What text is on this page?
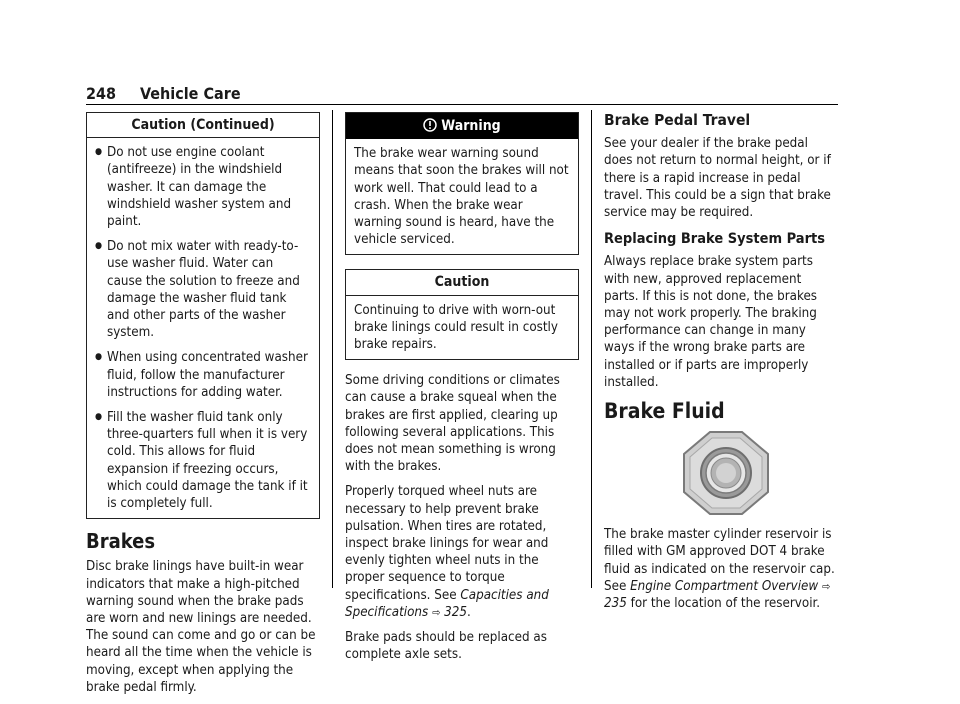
248 Vehicle Care
Caution (Continued)
● Do not use engine coolant (antifreeze) in the windshield washer. It can damage the windshield washer system and paint.
● Do not mix water with ready-to-use washer fluid. Water can cause the solution to freeze and damage the washer fluid tank and other parts of the washer system.
● When using concentrated washer fluid, follow the manufacturer instructions for adding water.
● Fill the washer fluid tank only three-quarters full when it is very cold. This allows for fluid expansion if freezing occurs, which could damage the tank if it is completely full.
Brakes

Disc brake linings have built-in wear indicators that make a high-pitched warning sound when the brake pads are worn and new linings are needed. The sound can come and go or can be heard all the time when the vehicle is moving, except when applying the brake pedal firmly.

Warning

The brake wear warning sound means that soon the brakes will not work well. That could lead to a crash. When the brake wear warning sound is heard, have the vehicle serviced.

Caution

Continuing to drive with worn-out brake linings could result in costly brake repairs.

Some driving conditions or climates can cause a brake squeal when the brakes are first applied, clearing up following several applications. This does not mean something is wrong with the brakes.

Properly torqued wheel nuts are necessary to help prevent brake pulsation. When tires are rotated, inspect brake linings for wear and evenly tighten wheel nuts in the proper sequence to torque specifications. See Capacities and Specifications ⇨ 325.

Brake pads should be replaced as complete axle sets.

Brake Pedal Travel

See your dealer if the brake pedal does not return to normal height, or if there is a rapid increase in pedal travel. This could be a sign that brake service may be required.

Replacing Brake System Parts

Always replace brake system parts with new, approved replacement parts. If this is not done, the brakes may not work properly. The braking performance can change in many ways if the wrong brake parts are installed or if parts are improperly installed.

Brake Fluid

The brake master cylinder reservoir is filled with GM approved DOT 4 brake fluid as indicated on the reservoir cap. See Engine Compartment Overview ⇨ 235 for the location of the reservoir.
